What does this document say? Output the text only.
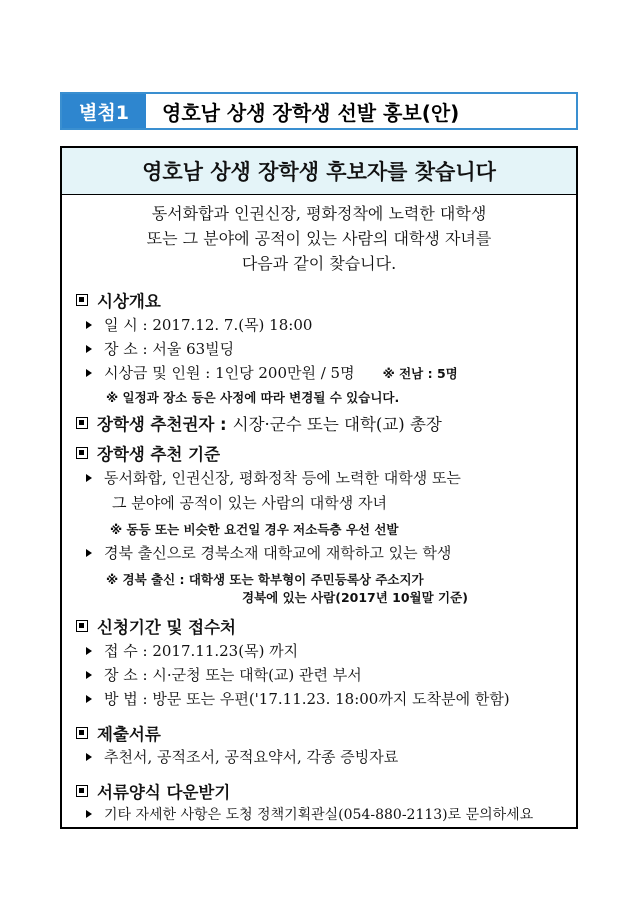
별첨1	영호남 상생 장학생 선발 홍보(안)
영호남 상생 장학생 후보자를 찾습니다
동서화합과 인권신장, 평화정착에 노력한 대학생
또는 그 분야에 공적이 있는 사람의 대학생 자녀를
다음과 같이 찾습니다.
시상개요
일 시 : 2017.12. 7.(목) 18:00
장 소 : 서울 63빌딩
시상금 및 인원 : 1인당 200만원 / 5명 ※ 전남 : 5명
※ 일정과 장소 등은 사정에 따라 변경될 수 있습니다.
장학생 추천권자 : 시장·군수 또는 대학(교) 총장
장학생 추천 기준
동서화합, 인권신장, 평화정착 등에 노력한 대학생 또는
그 분야에 공적이 있는 사람의 대학생 자녀
※ 동등 또는 비슷한 요건일 경우 저소득층 우선 선발
경북 출신으로 경북소재 대학교에 재학하고 있는 학생
※ 경북 출신 : 대학생 또는 학부형이 주민등록상 주소지가
경북에 있는 사람(2017년 10월말 기준)
신청기간 및 접수처
접 수 : 2017.11.23(목) 까지
장 소 : 시·군청 또는 대학(교) 관련 부서
방 법 : 방문 또는 우편('17.11.23. 18:00까지 도착분에 한함)
제출서류
추천서, 공적조서, 공적요약서, 각종 증빙자료
서류양식 다운받기
기타 자세한 사항은 도청 정책기획관실(054-880-2113)로 문의하세요
